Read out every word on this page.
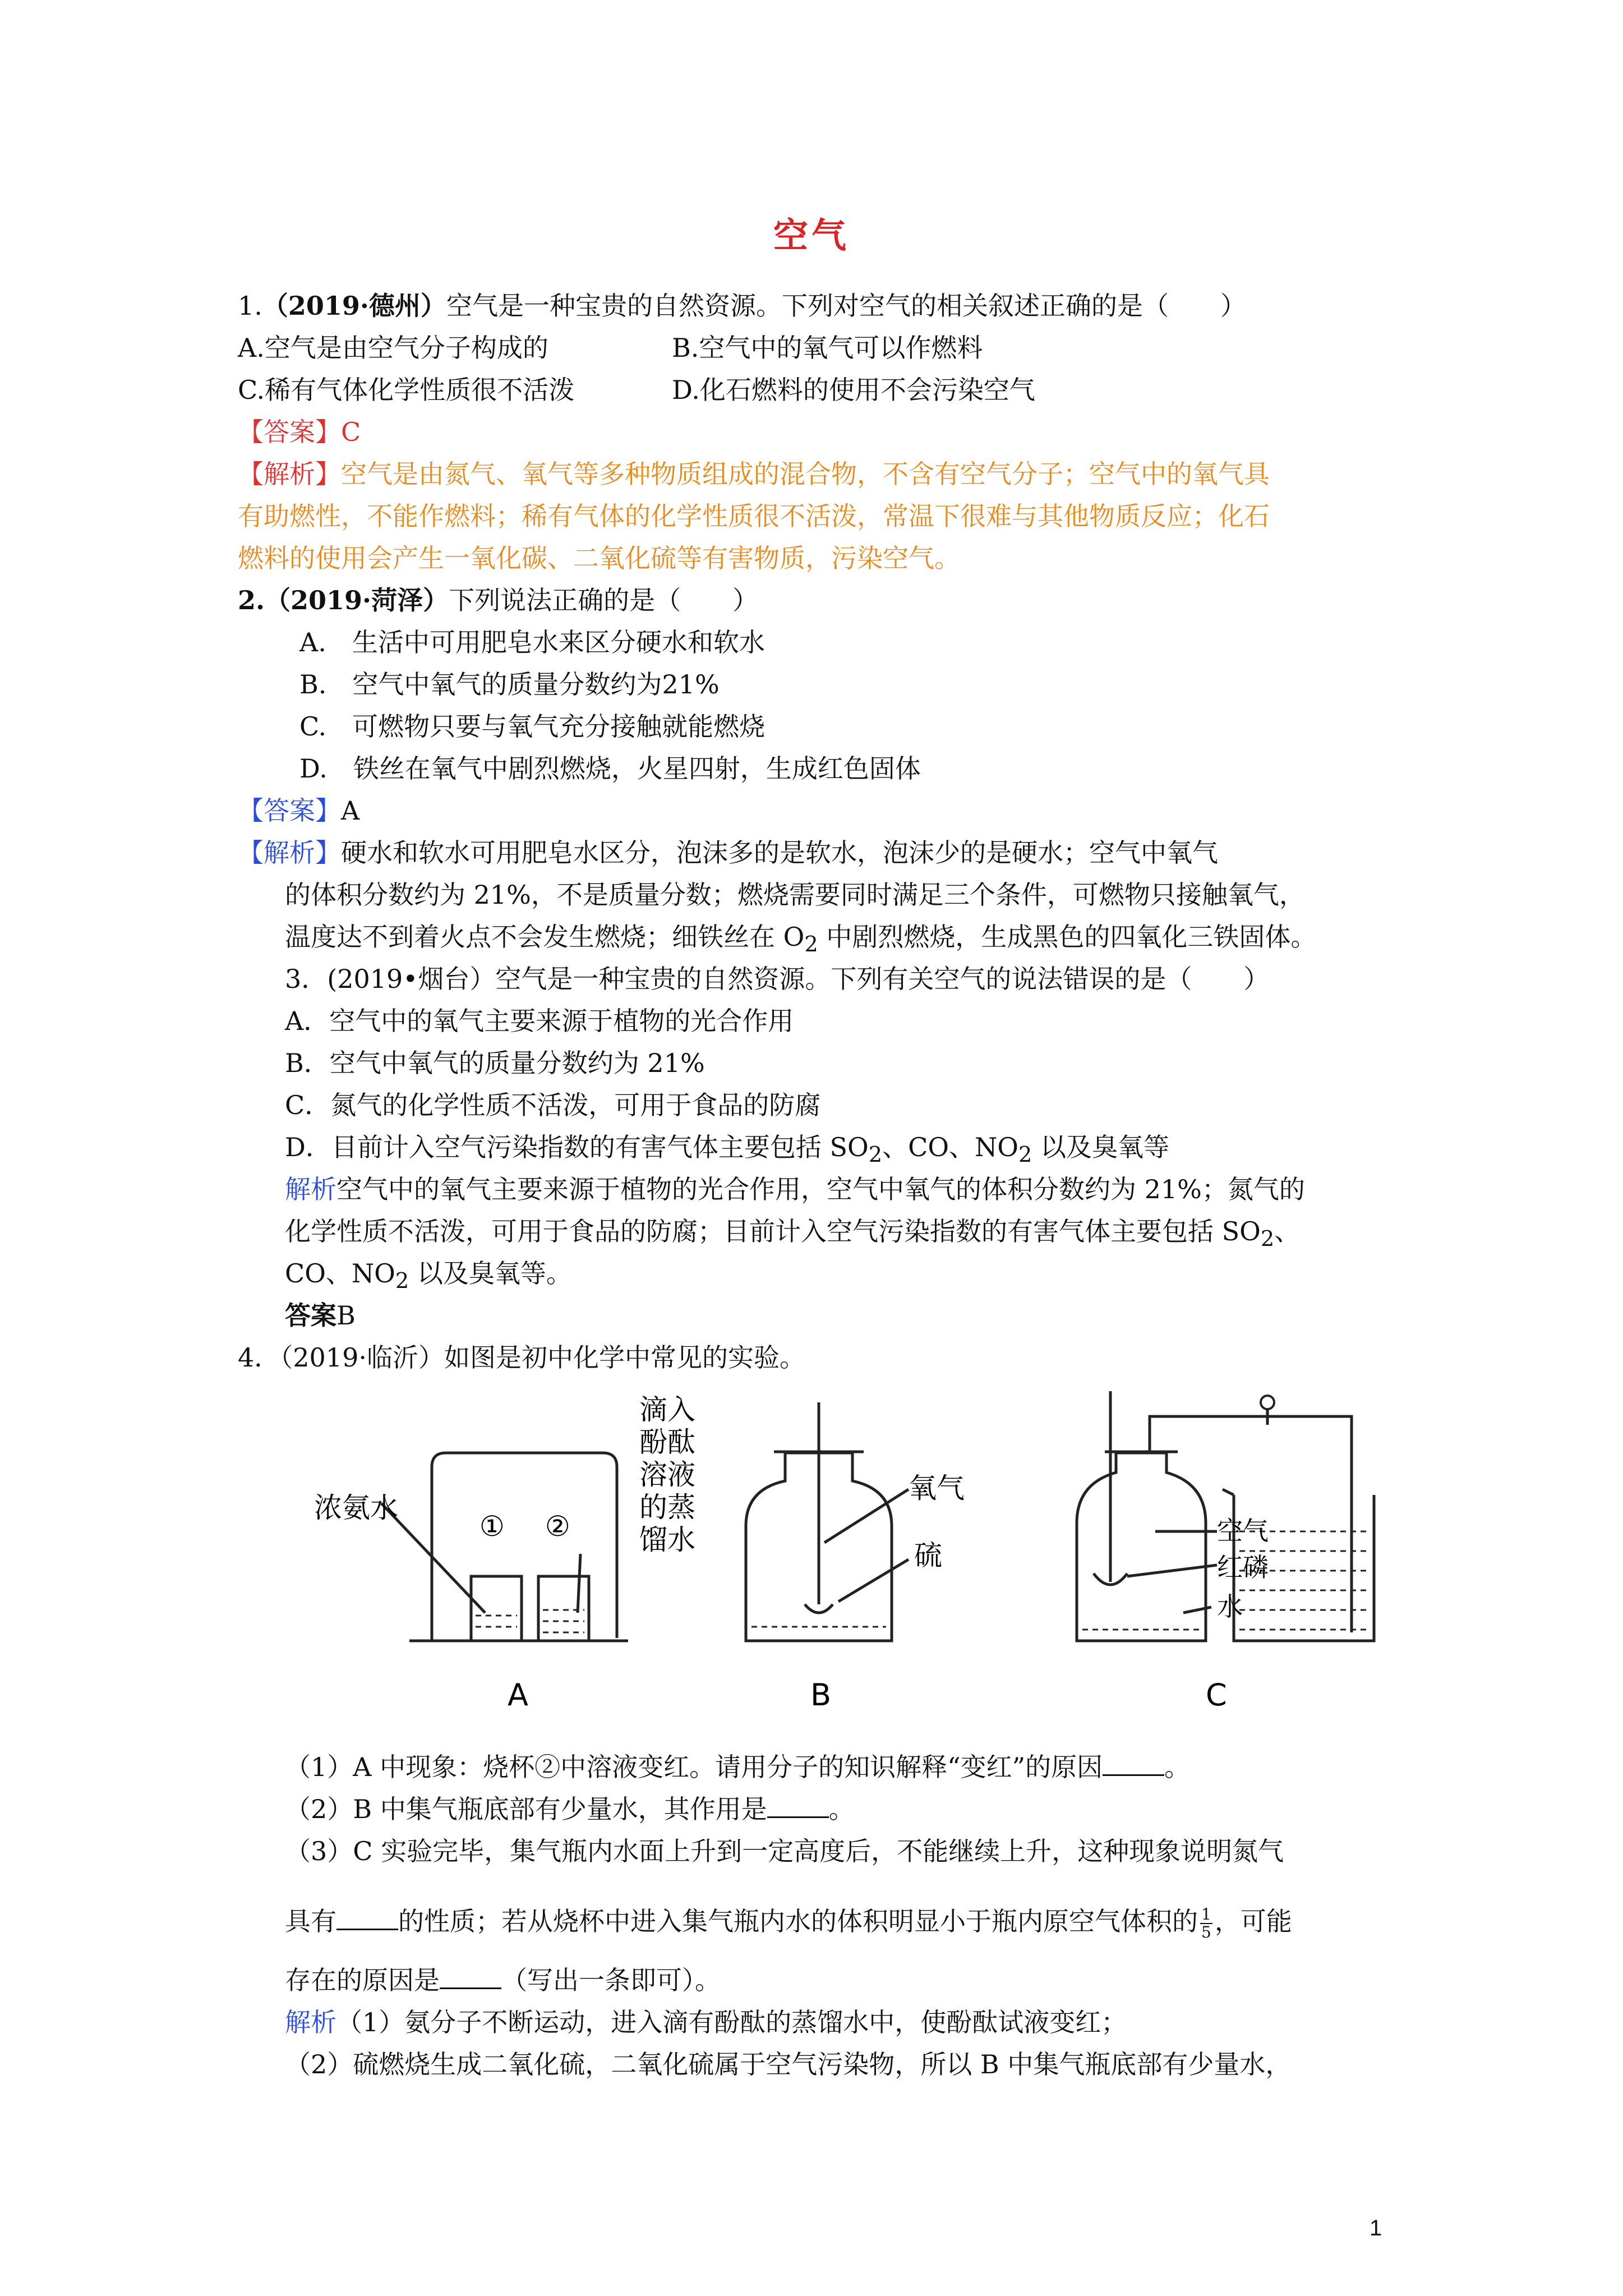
空气
1.（2019·德州）空气是一种宝贵的自然资源。下列对空气的相关叙述正确的是（　　）
A.空气是由空气分子构成的	B.空气中的氧气可以作燃料
C.稀有气体化学性质很不活泼	D.化石燃料的使用不会污染空气
【答案】C
【解析】空气是由氮气、氧气等多种物质组成的混合物，不含有空气分子；空气中的氧气具
有助燃性，不能作燃料；稀有气体的化学性质很不活泼，常温下很难与其他物质反应；化石
燃料的使用会产生一氧化碳、二氧化硫等有害物质，污染空气。
2.（2019·菏泽）下列说法正确的是（　　）
A.　生活中可用肥皂水来区分硬水和软水
B.　空气中氧气的质量分数约为21%
C.　可燃物只要与氧气充分接触就能燃烧
D.　铁丝在氧气中剧烈燃烧，火星四射，生成红色固体
【答案】A
【解析】硬水和软水可用肥皂水区分，泡沫多的是软水，泡沫少的是硬水；空气中氧气
的体积分数约为 21%，不是质量分数；燃烧需要同时满足三个条件，可燃物只接触氧气，
温度达不到着火点不会发生燃烧；细铁丝在 $O_2$ 中剧烈燃烧，生成黑色的四氧化三铁固体。
3．(2019•烟台）空气是一种宝贵的自然资源。下列有关空气的说法错误的是（　　）
A．空气中的氧气主要来源于植物的光合作用
B．空气中氧气的质量分数约为 21%
C．氮气的化学性质不活泼，可用于食品的防腐
D．目前计入空气污染指数的有害气体主要包括 $SO_2$、CO、$NO_2$ 以及臭氧等
解析空气中的氧气主要来源于植物的光合作用，空气中氧气的体积分数约为 21%；氮气的
化学性质不活泼，可用于食品的防腐；目前计入空气污染指数的有害气体主要包括 $SO_2$、
CO、$NO_2$ 以及臭氧等。
答案B
4．（2019·临沂）如图是初中化学中常见的实验。
浓氨水
① ②
滴入
酚酞
溶液
的蒸
馏水
A
氧气
硫
B
空气
红磷
水
C
（1）A 中现象：烧杯②中溶液变红。请用分子的知识解释“变红”的原因 。
（2）B 中集气瓶底部有少量水，其作用是 。
（3）C 实验完毕，集气瓶内水面上升到一定高度后，不能继续上升，这种现象说明氮气
具有 的性质；若从烧杯中进入集气瓶内水的体积明显小于瓶内原空气体积的 $\frac{1}{5}$ ，可能
存在的原因是 （写出一条即可）。
解析（1）氨分子不断运动，进入滴有酚酞的蒸馏水中，使酚酞试液变红；
（2）硫燃烧生成二氧化硫，二氧化硫属于空气污染物，所以 B 中集气瓶底部有少量水，
1
